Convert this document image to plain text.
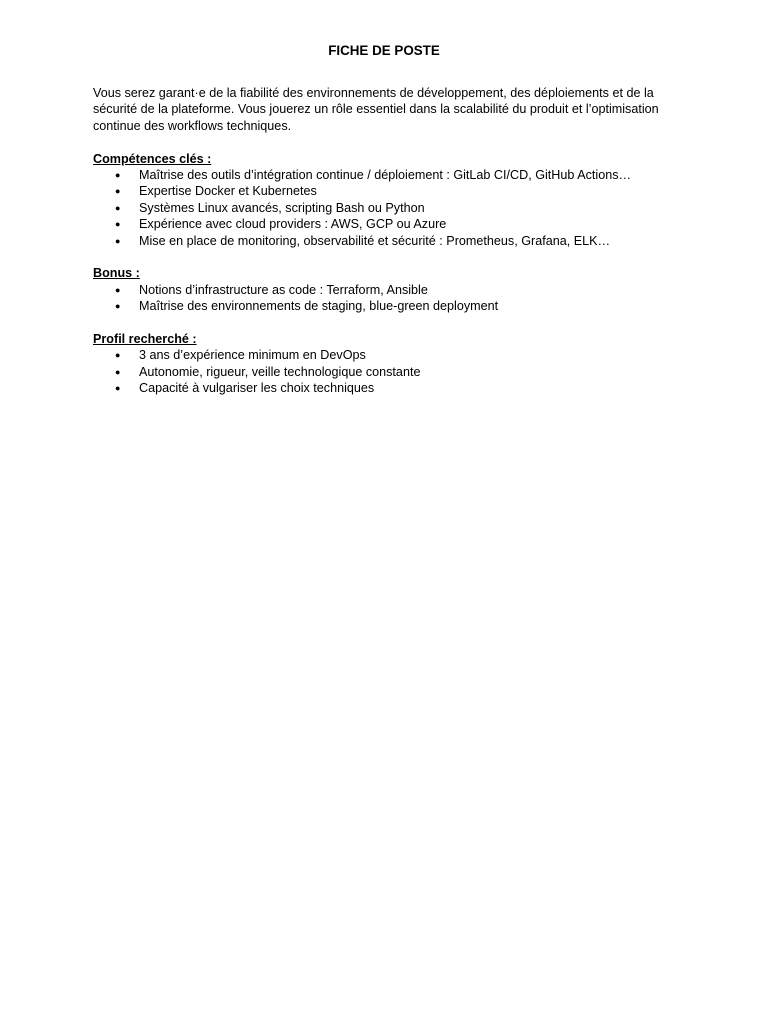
FICHE DE POSTE

Vous serez garant·e de la fiabilité des environnements de développement, des déploiements et de la sécurité de la plateforme. Vous jouerez un rôle essentiel dans la scalabilité du produit et l’optimisation continue des workflows techniques.

Compétences clés :

● Maîtrise des outils d’intégration continue / déploiement : GitLab CI/CD, GitHub Actions…
● Expertise Docker et Kubernetes
● Systèmes Linux avancés, scripting Bash ou Python
● Expérience avec cloud providers : AWS, GCP ou Azure
● Mise en place de monitoring, observabilité et sécurité : Prometheus, Grafana, ELK…

Bonus :

● Notions d’infrastructure as code : Terraform, Ansible
● Maîtrise des environnements de staging, blue-green deployment

Profil recherché :

● 3 ans d’expérience minimum en DevOps
● Autonomie, rigueur, veille technologique constante
● Capacité à vulgariser les choix techniques
